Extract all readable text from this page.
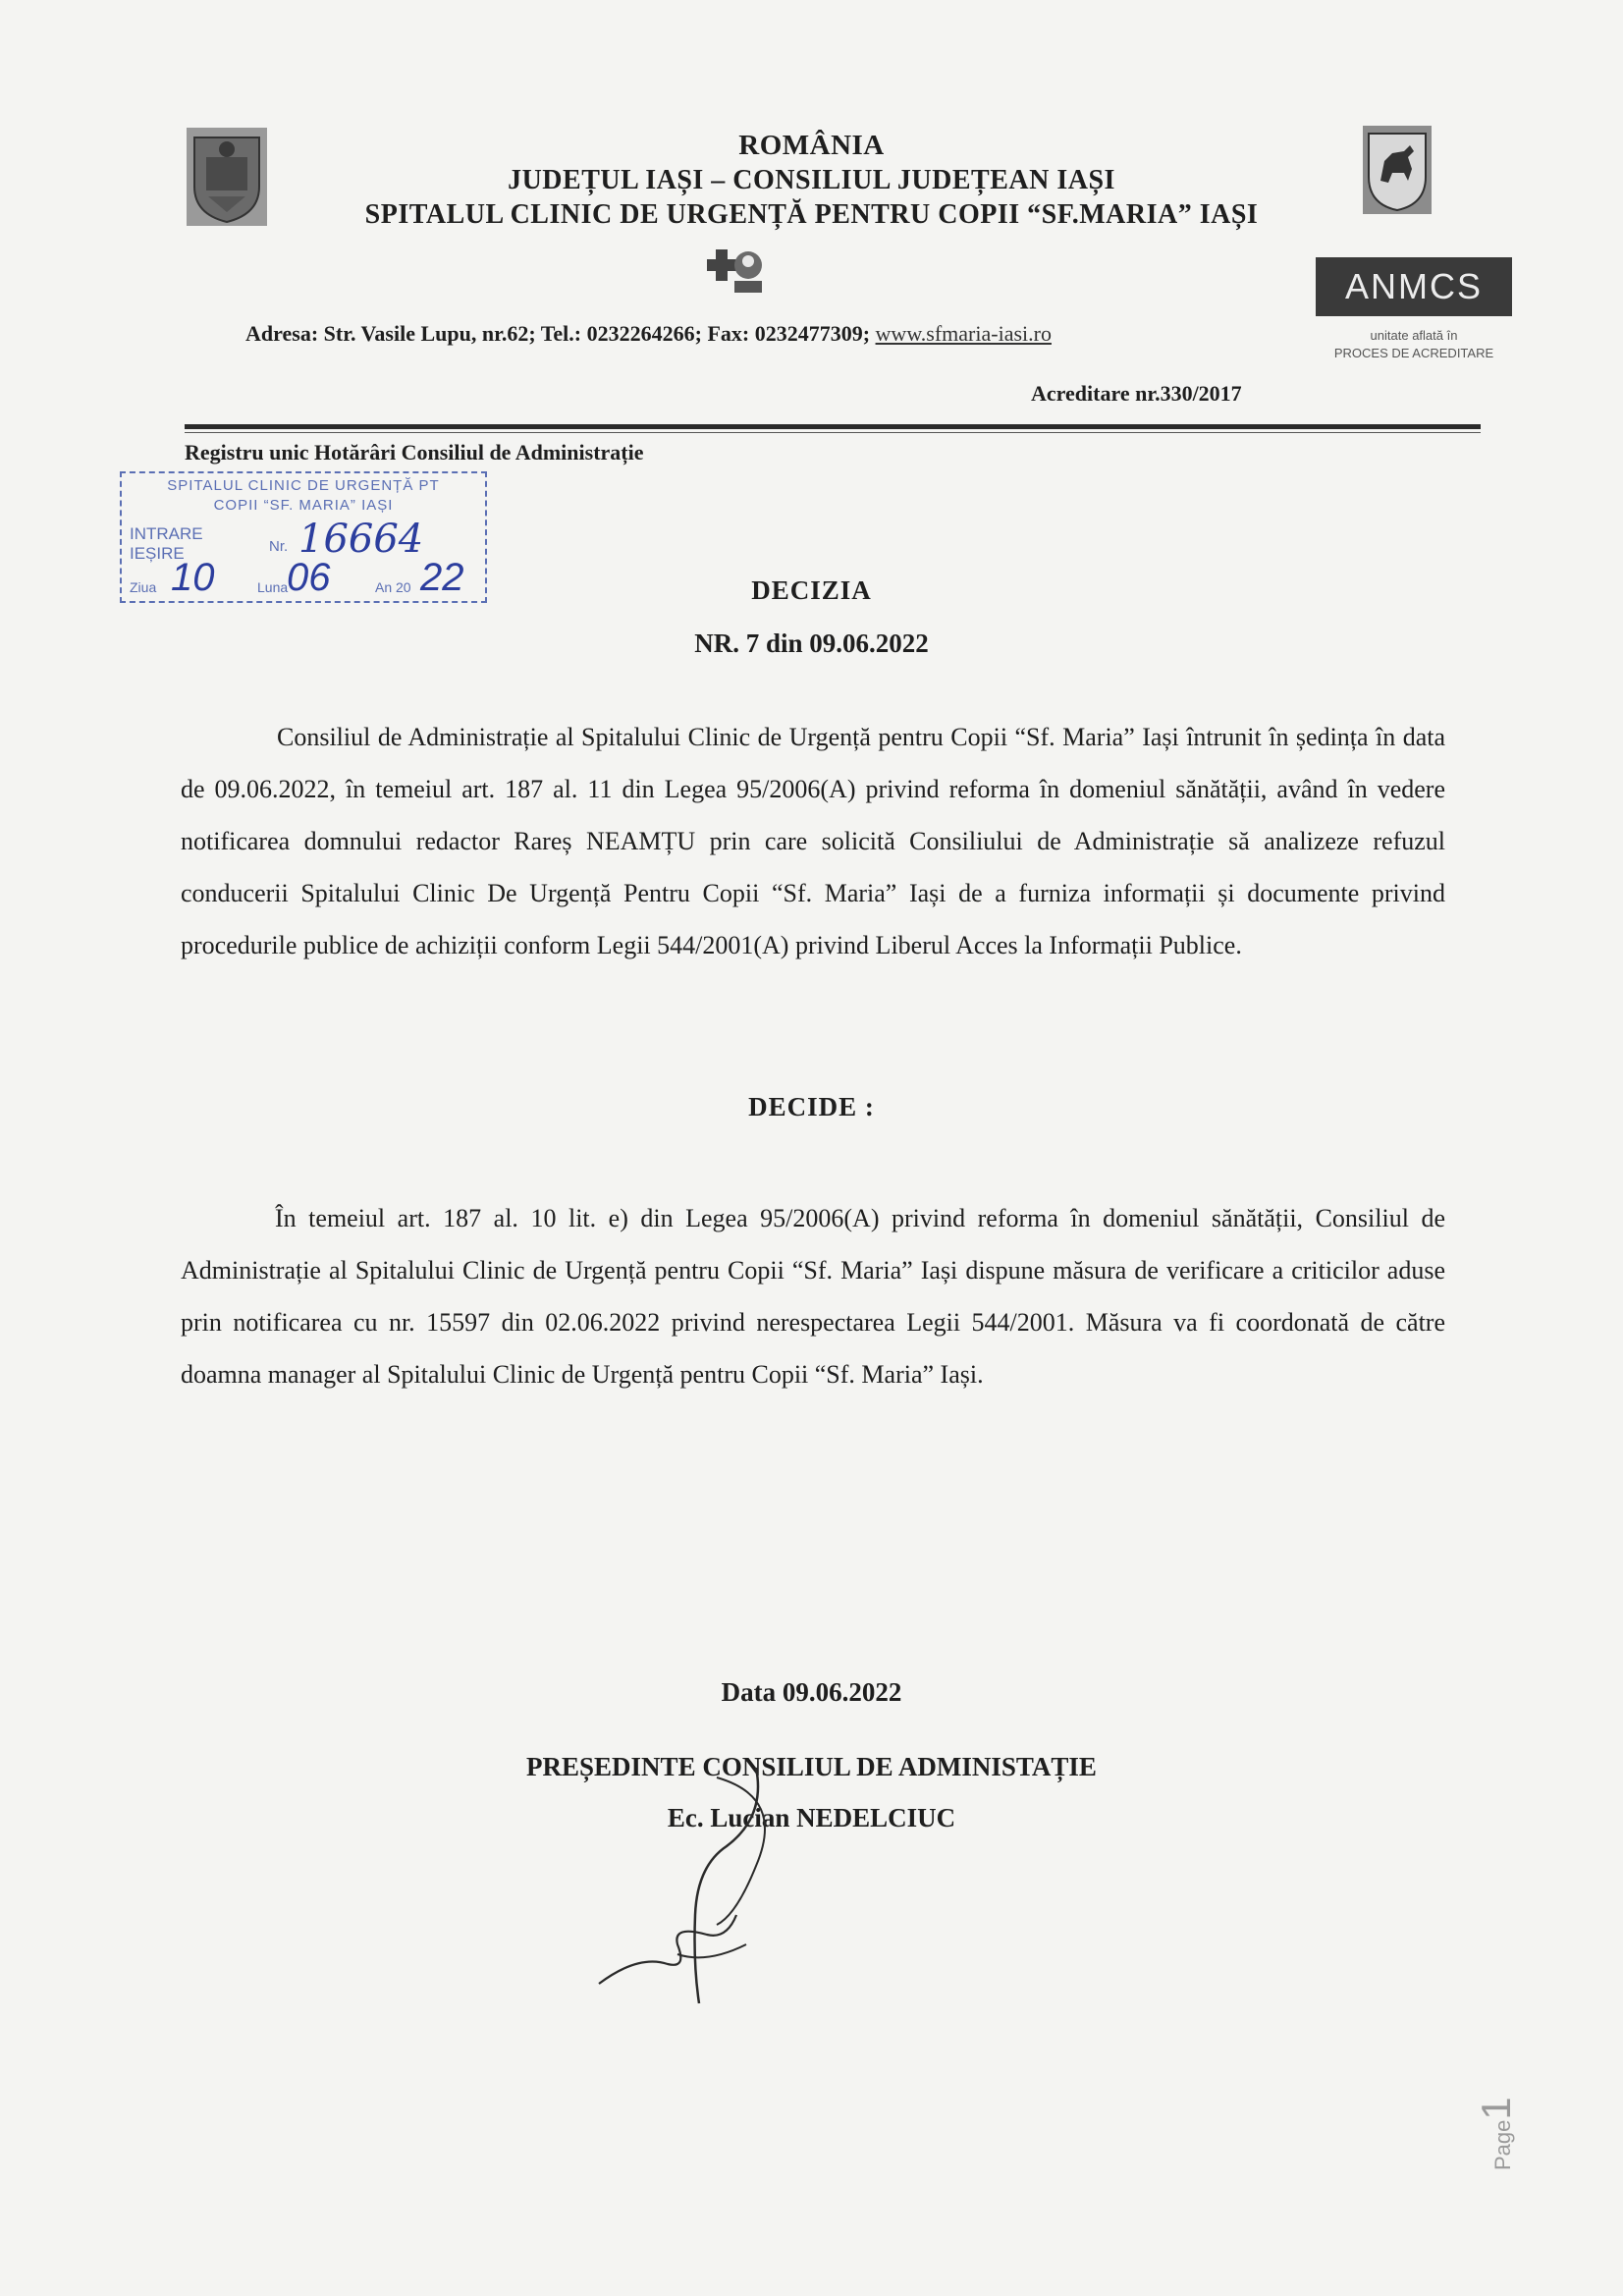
ROMÂNIA
JUDEȚUL IAȘI – CONSILIUL JUDEȚEAN IAȘI
SPITALUL CLINIC DE URGENȚĂ PENTRU COPII “SF.MARIA” IAȘI
ANMCS
unitate aflată în
PROCES DE ACREDITARE
Adresa: Str. Vasile Lupu, nr.62; Tel.: 0232264266; Fax: 0232477309; www.sfmaria-iasi.ro
Acreditare nr.330/2017
Registru unic Hotărâri Consiliul de Administrație
SPITALUL CLINIC DE URGENȚĂ PT
COPII “SF. MARIA” IAȘI
INTRARE
IEȘIRE	Nr. 16664
Ziua 10	Luna
06	An 20 22	DECIZIA
NR. 7 din 09.06.2022
Consiliul de Administrație al Spitalului Clinic de Urgență pentru Copii “Sf. Maria” Iași întrunit în ședința în data de 09.06.2022, în temeiul art. 187 al. 11 din Legea 95/2006(A) privind reforma în domeniul sănătății, având în vedere notificarea domnului redactor Rareș NEAMȚU prin care solicită Consiliului de Administrație să analizeze refuzul conducerii Spitalului Clinic De Urgență Pentru Copii “Sf. Maria” Iași de a furniza informații și documente privind procedurile publice de achiziții conform Legii 544/2001(A) privind Liberul Acces la Informații Publice.
DECIDE :
În temeiul art. 187 al. 10 lit. e) din Legea 95/2006(A) privind reforma în domeniul sănătății, Consiliul de Administrație al Spitalului Clinic de Urgență pentru Copii “Sf. Maria” Iași dispune măsura de verificare a criticilor aduse prin notificarea cu nr. 15597 din 02.06.2022 privind nerespectarea Legii 544/2001. Măsura va fi coordonată de către doamna manager al Spitalului Clinic de Urgență pentru Copii “Sf. Maria” Iași.
Data 09.06.2022
PREȘEDINTE CONSILIUL DE ADMINISTAȚIE
Ec. Lucian NEDELCIUC
Page1
